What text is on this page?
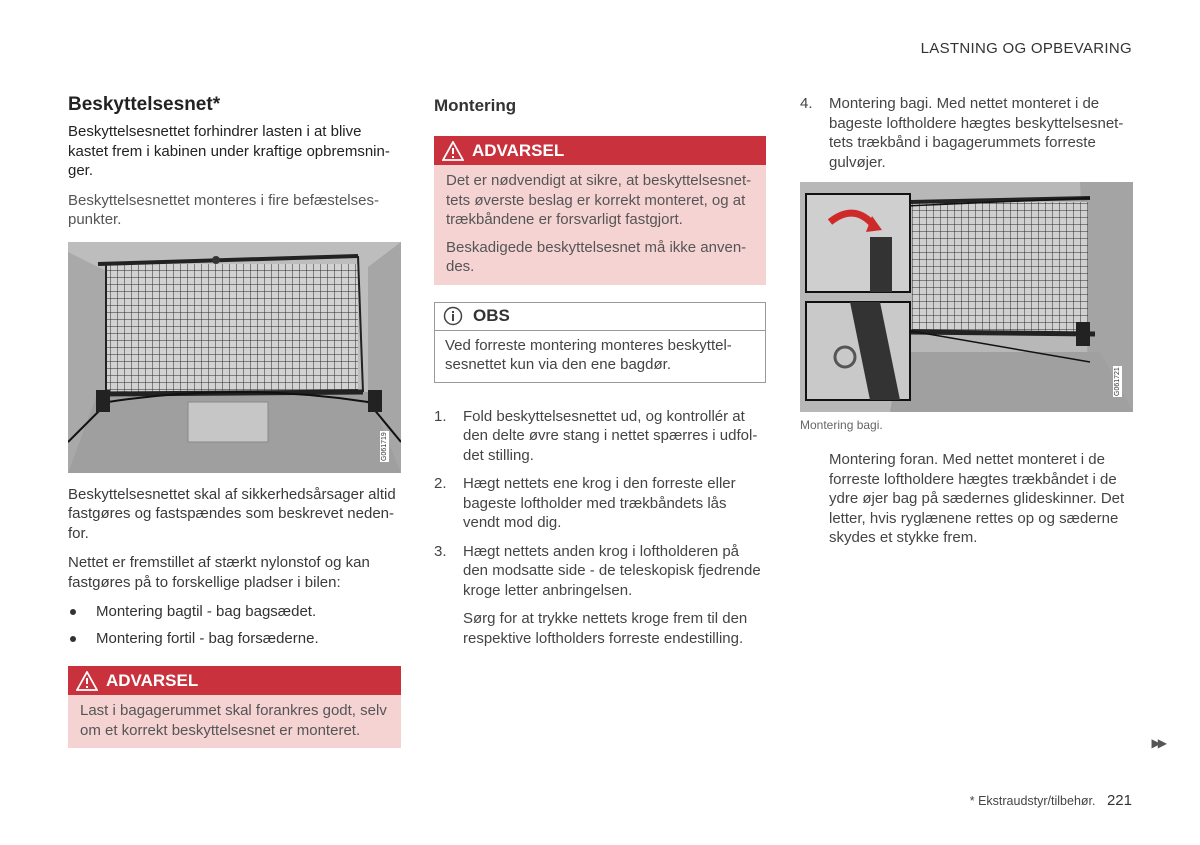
LASTNING OG OPBEVARING
Beskyttelsesnet*

Beskyttelsesnettet forhindrer lasten i at blive kastet frem i kabinen under kraftige opbremsnin-ger.

Beskyttelsesnettet monteres i fire befæstelses-punkter.

G061719

Beskyttelsesnettet skal af sikkerhedsårsager altid fastgøres og fastspændes som beskrevet neden-for.

Nettet er fremstillet af stærkt nylonstof og kan fastgøres på to forskellige pladser i bilen:

Montering bagtil - bag bagsædet.
Montering fortil - bag forsæderne.
ADVARSEL

Last i bagagerummet skal forankres godt, selv om et korrekt beskyttelsesnet er monteret.

Montering
ADVARSEL

Det er nødvendigt at sikre, at beskyttelsesnet-tets øverste beslag er korrekt monteret, og at trækbåndene er forsvarligt fastgjort.

Beskadigede beskyttelsesnet må ikke anven-des.

OBS
Ved forreste montering monteres beskyttel-sesnettet kun via den ene bagdør.
1. Fold beskyttelsesnettet ud, og kontrollér at den delte øvre stang i nettet spærres i udfol-det stilling.
2. Hægt nettets ene krog i den forreste eller bageste loftholder med trækbåndets lås vendt mod dig.
3. Hægt nettets anden krog i loftholderen på den modsatte side - de teleskopisk fjedrende kroge letter anbringelsen.
Sørg for at trykke nettets kroge frem til den respektive loftholders forreste endestilling.
4. Montering bagi. Med nettet monteret i de bageste loftholdere hægtes beskyttelsesnet-tets trækbånd i bagagerummets forreste gulvøjer.
G061721
Montering bagi.

Montering foran. Med nettet monteret i de forreste loftholdere hægtes trækbåndet i de ydre øjer bag på sædernes glideskinner. Det letter, hvis ryglænene rettes op og sæderne skydes et stykke frem.

▶▶
* Ekstraudstyr/tilbehør. 221
